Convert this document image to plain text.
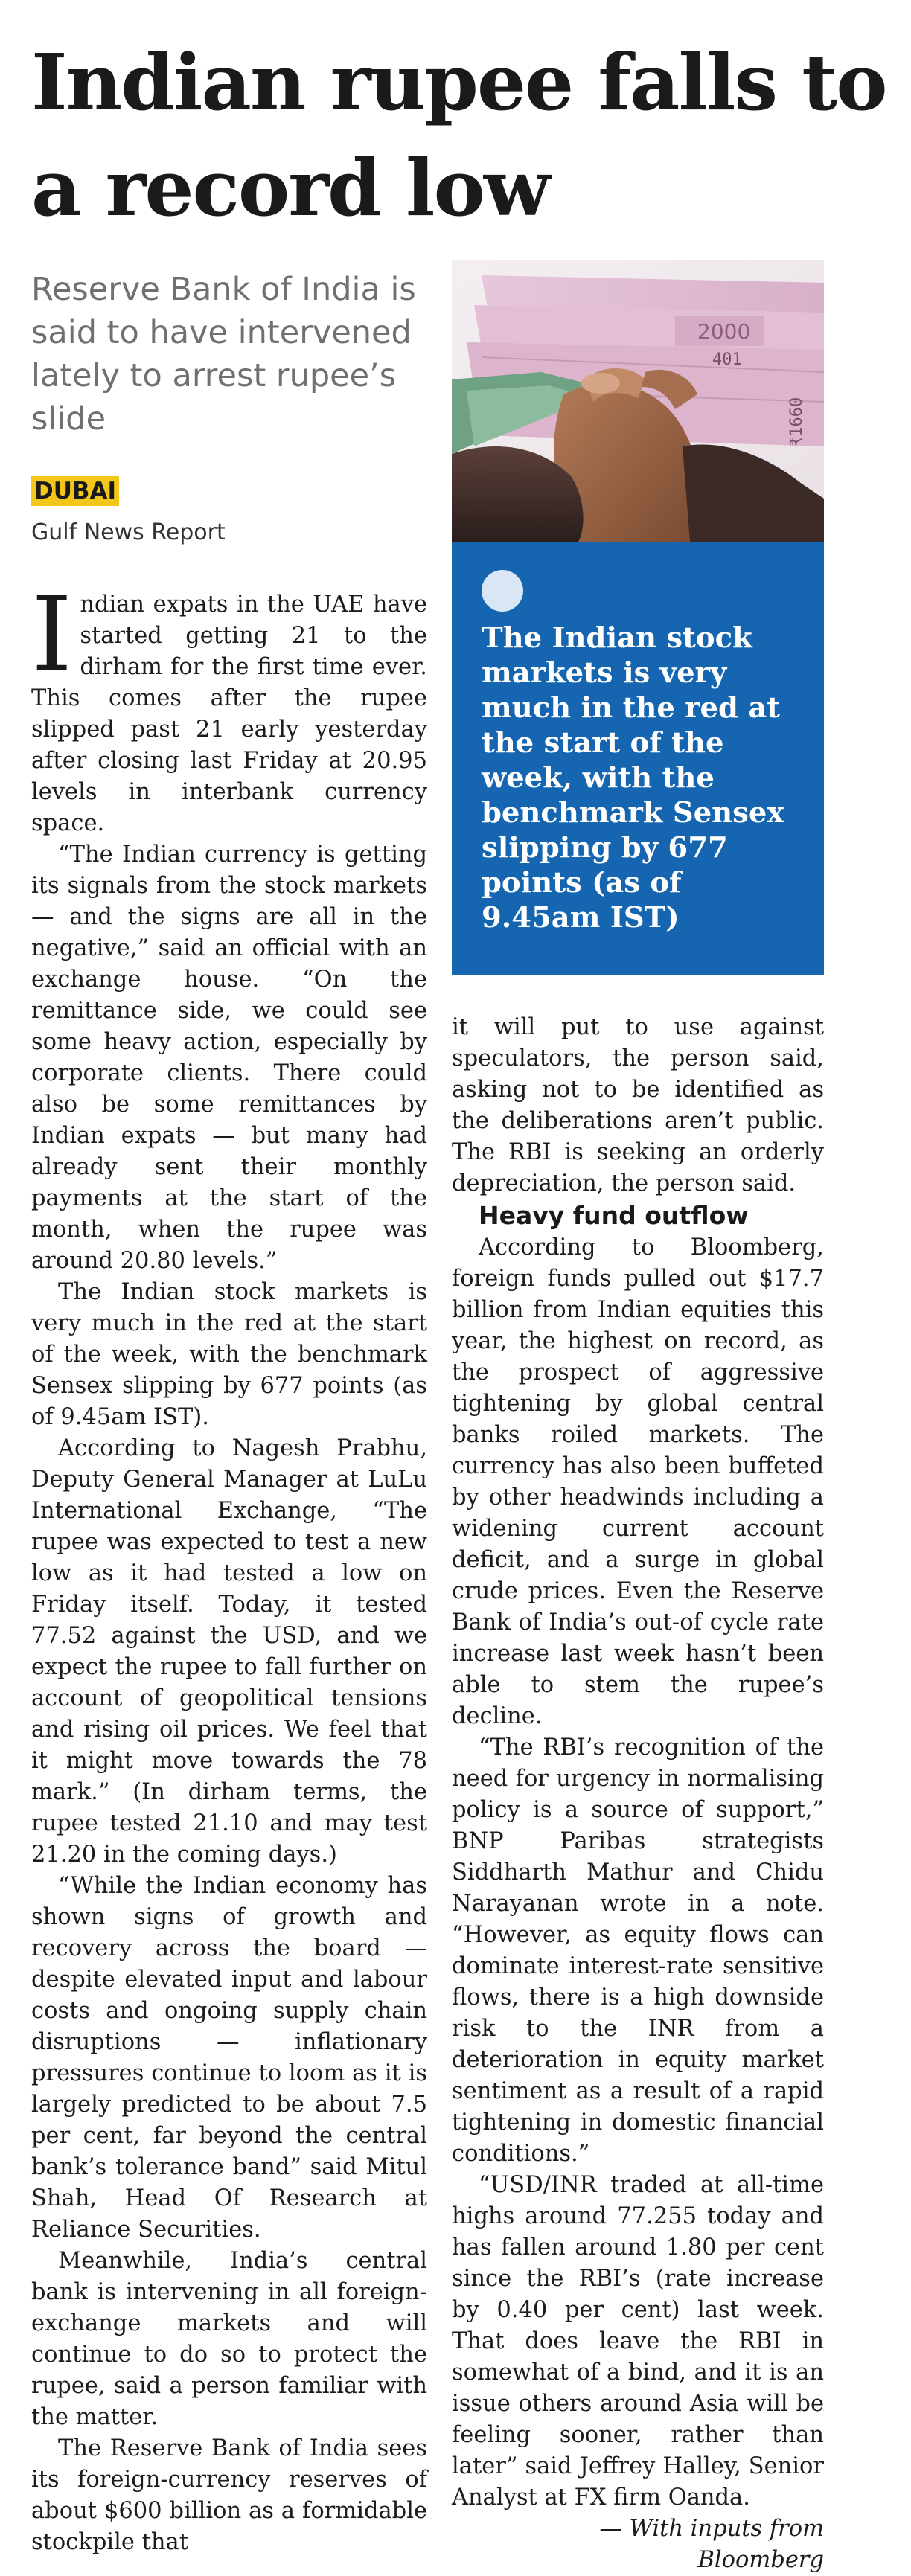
Indian rupee falls to a record low
Reserve Bank of India is said to have intervened lately to arrest rupee’s slide
DUBAI
Gulf News Report
2000
401
₹1660

The Indian stock markets is very much in the red at the start of the week, with the benchmark Sensex slipping by 677 points (as of 9.45am IST)

Indian expats in the UAE have started getting 21 to the dirham for the first time ever. This comes after the rupee slipped past 21 early yesterday after closing last Friday at 20.95 levels in interbank currency space.

“The Indian currency is getting its signals from the stock markets — and the signs are all in the negative,” said an official with an exchange house. “On the remittance side, we could see some heavy action, especially by corporate clients. There could also be some remittances by Indian expats — but many had already sent their monthly payments at the start of the month, when the rupee was around 20.80 levels.”

The Indian stock markets is very much in the red at the start of the week, with the benchmark Sensex slipping by 677 points (as of 9.45am IST).

According to Nagesh Prabhu, Deputy General Manager at LuLu International Exchange, “The rupee was expected to test a new low as it had tested a low on Friday itself. Today, it tested 77.52 against the USD, and we expect the rupee to fall further on account of geopolitical tensions and rising oil prices. We feel that it might move towards the 78 mark.” (In dirham terms, the rupee tested 21.10 and may test 21.20 in the coming days.)

“While the Indian economy has shown signs of growth and recovery across the board — despite elevated input and labour costs and ongoing supply chain disruptions — inflationary pressures continue to loom as it is largely predicted to be about 7.5 per cent, far beyond the central bank’s tolerance band” said Mitul Shah, Head Of Research at Reliance Securities.

Meanwhile, India’s central bank is intervening in all foreign-exchange markets and will continue to do so to protect the rupee, said a person familiar with the matter.

The Reserve Bank of India sees its foreign-currency reserves of about $600 billion as a formidable stockpile that

it will put to use against speculators, the person said, asking not to be identified as the deliberations aren’t public. The RBI is seeking an orderly depreciation, the person said.

Heavy fund outflow

According to Bloomberg, foreign funds pulled out $17.7 billion from Indian equities this year, the highest on record, as the prospect of aggressive tightening by global central banks roiled markets. The currency has also been buffeted by other headwinds including a widening current account deficit, and a surge in global crude prices. Even the Reserve Bank of India’s out-of cycle rate increase last week hasn’t been able to stem the rupee’s decline.

“The RBI’s recognition of the need for urgency in normalising policy is a source of support,” BNP Paribas strategists Siddharth Mathur and Chidu Narayanan wrote in a note. “However, as equity flows can dominate interest-rate sensitive flows, there is a high downside risk to the INR from a deterioration in equity market sentiment as a result of a rapid tightening in domestic financial conditions.”

“USD/INR traded at all-time highs around 77.255 today and has fallen around 1.80 per cent since the RBI’s (rate increase by 0.40 per cent) last week. That does leave the RBI in somewhat of a bind, and it is an issue others around Asia will be feeling sooner, rather than later” said Jeffrey Halley, Senior Analyst at FX firm Oanda.

— With inputs from Bloomberg
